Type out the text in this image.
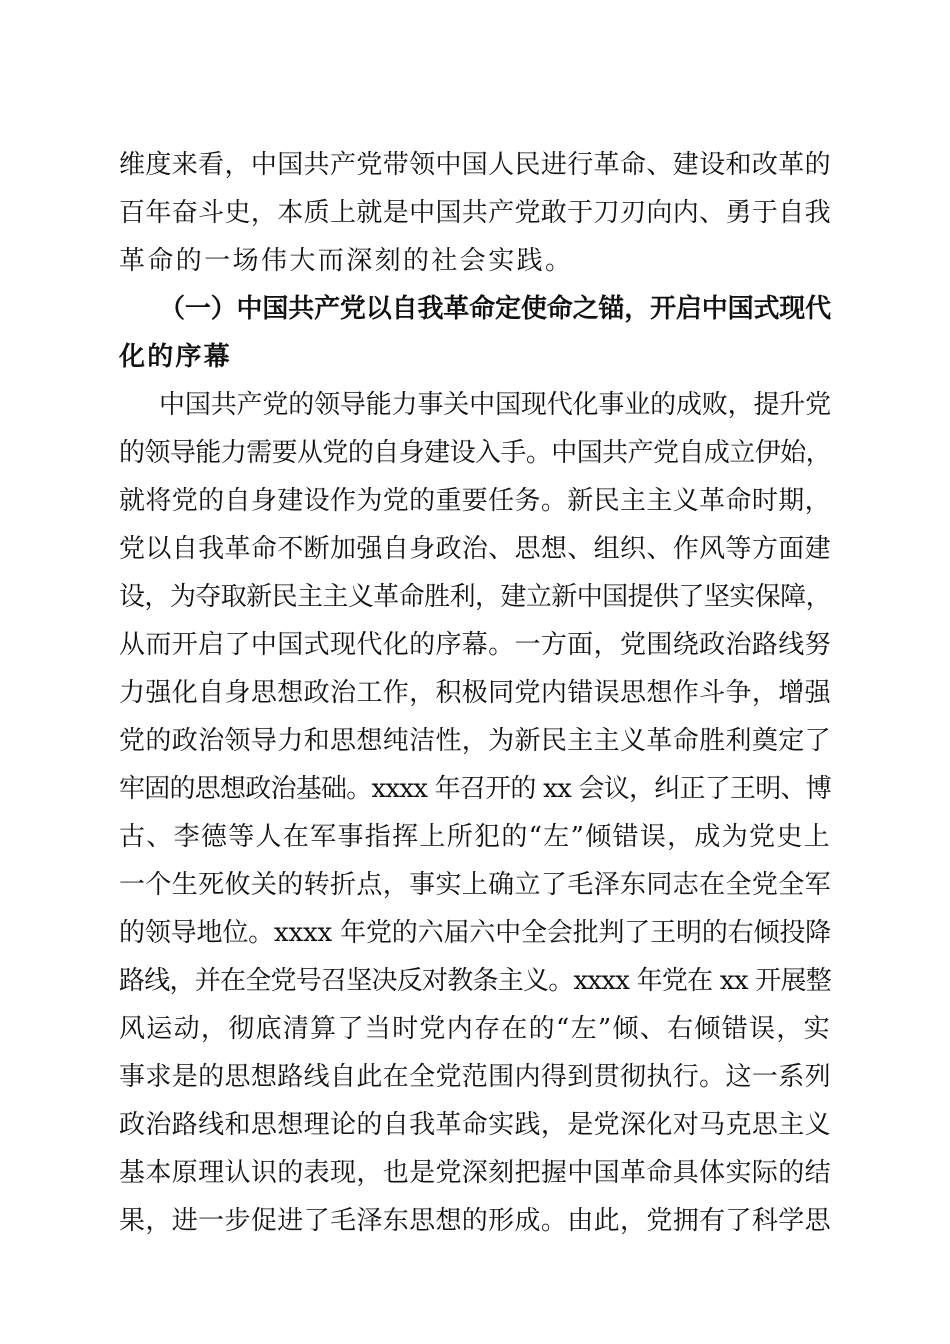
维度来看，中国共产党带领中国人民进行革命、建设和改革的
百年奋斗史，本质上就是中国共产党敢于刀刃向内、勇于自我
革命的一场伟大而深刻的社会实践。
（一）中国共产党以自我革命定使命之锚，开启中国式现代
化的序幕
中国共产党的领导能力事关中国现代化事业的成败，提升党
的领导能力需要从党的自身建设入手。中国共产党自成立伊始，
就将党的自身建设作为党的重要任务。新民主主义革命时期，
党以自我革命不断加强自身政治、思想、组织、作风等方面建
设，为夺取新民主主义革命胜利，建立新中国提供了坚实保障，
从而开启了中国式现代化的序幕。一方面，党围绕政治路线努
力强化自身思想政治工作，积极同党内错误思想作斗争，增强
党的政治领导力和思想纯洁性，为新民主主义革命胜利奠定了
牢固的思想政治基础。xxxx 年召开的 xx 会议，纠正了王明、博
古、李德等人在军事指挥上所犯的“左”倾错误，成为党史上
一个生死攸关的转折点，事实上确立了毛泽东同志在全党全军
的领导地位。xxxx 年党的六届六中全会批判了王明的右倾投降
路线，并在全党号召坚决反对教条主义。xxxx 年党在 xx 开展整
风运动，彻底清算了当时党内存在的“左”倾、右倾错误，实
事求是的思想路线自此在全党范围内得到贯彻执行。这一系列
政治路线和思想理论的自我革命实践，是党深化对马克思主义
基本原理认识的表现，也是党深刻把握中国革命具体实际的结
果，进一步促进了毛泽东思想的形成。由此，党拥有了科学思
